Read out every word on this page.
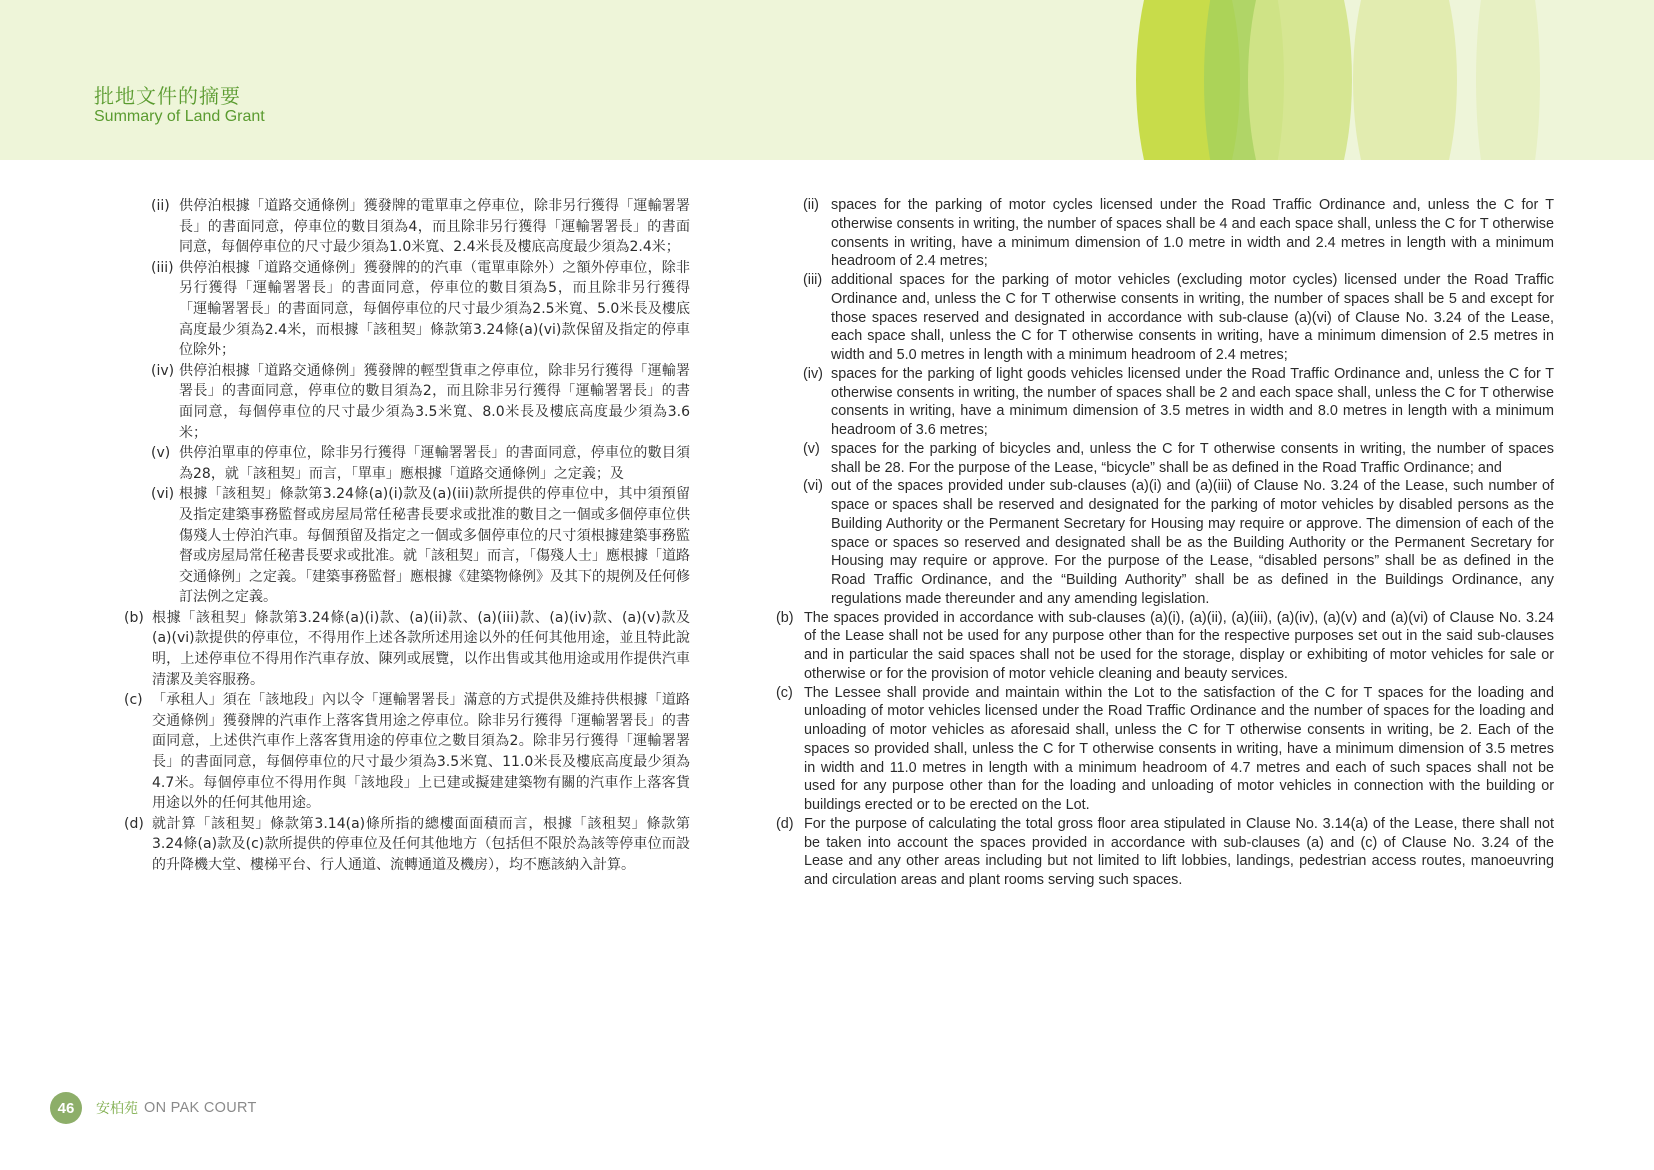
批地文件的摘要
Summary of Land Grant
(ii) 供停泊根據「道路交通條例」獲發牌的電單車之停車位，除非另行獲得「運輸署署長」的書面同意，停車位的數目須為4，而且除非另行獲得「運輸署署長」的書面同意，每個停車位的尺寸最少須為1.0米寬、2.4米長及樓底高度最少須為2.4米；
(iii) 供停泊根據「道路交通條例」獲發牌的的汽車（電單車除外）之額外停車位，除非另行獲得「運輸署署長」的書面同意，停車位的數目須為5，而且除非另行獲得「運輸署署長」的書面同意，每個停車位的尺寸最少須為2.5米寬、5.0米長及樓底高度最少須為2.4米，而根據「該租契」條款第3.24條(a)(vi)款保留及指定的停車位除外；
(iv) 供停泊根據「道路交通條例」獲發牌的輕型貨車之停車位，除非另行獲得「運輸署署長」的書面同意，停車位的數目須為2，而且除非另行獲得「運輸署署長」的書面同意，每個停車位的尺寸最少須為3.5米寬、8.0米長及樓底高度最少須為3.6米；
(v) 供停泊單車的停車位，除非另行獲得「運輸署署長」的書面同意，停車位的數目須為28，就「該租契」而言，「單車」應根據「道路交通條例」之定義；及
(vi) 根據「該租契」條款第3.24條(a)(i)款及(a)(iii)款所提供的停車位中，其中須預留及指定建築事務監督或房屋局常任秘書長要求或批准的數目之一個或多個停車位供傷殘人士停泊汽車。每個預留及指定之一個或多個停車位的尺寸須根據建築事務監督或房屋局常任秘書長要求或批准。就「該租契」而言，「傷殘人士」應根據「道路交通條例」之定義。「建築事務監督」應根據《建築物條例》及其下的規例及任何修訂法例之定義。
(b) 根據「該租契」條款第3.24條(a)(i)款、(a)(ii)款、(a)(iii)款、(a)(iv)款、(a)(v)款及(a)(vi)款提供的停車位，不得用作上述各款所述用途以外的任何其他用途，並且特此說明，上述停車位不得用作汽車存放、陳列或展覽，以作出售或其他用途或用作提供汽車清潔及美容服務。
(c) 「承租人」須在「該地段」內以令「運輸署署長」滿意的方式提供及維持供根據「道路交通條例」獲發牌的汽車作上落客貨用途之停車位。除非另行獲得「運輸署署長」的書面同意，上述供汽車作上落客貨用途的停車位之數目須為2。除非另行獲得「運輸署署長」的書面同意，每個停車位的尺寸最少須為3.5米寬、11.0米長及樓底高度最少須為4.7米。每個停車位不得用作與「該地段」上已建或擬建建築物有關的汽車作上落客貨用途以外的任何其他用途。
(d) 就計算「該租契」條款第3.14(a)條所指的總樓面面積而言，根據「該租契」條款第3.24條(a)款及(c)款所提供的停車位及任何其他地方（包括但不限於為該等停車位而設的升降機大堂、樓梯平台、行人通道、流轉通道及機房），均不應該納入計算。
(ii) spaces for the parking of motor cycles licensed under the Road Traffic Ordinance and, unless the C for T otherwise consents in writing, the number of spaces shall be 4 and each space shall, unless the C for T otherwise consents in writing, have a minimum dimension of 1.0 metre in width and 2.4 metres in length with a minimum headroom of 2.4 metres;
(iii) additional spaces for the parking of motor vehicles (excluding motor cycles) licensed under the Road Traffic Ordinance and, unless the C for T otherwise consents in writing, the number of spaces shall be 5 and except for those spaces reserved and designated in accordance with sub-clause (a)(vi) of Clause No. 3.24 of the Lease, each space shall, unless the C for T otherwise consents in writing, have a minimum dimension of 2.5 metres in width and 5.0 metres in length with a minimum headroom of 2.4 metres;
(iv) spaces for the parking of light goods vehicles licensed under the Road Traffic Ordinance and, unless the C for T otherwise consents in writing, the number of spaces shall be 2 and each space shall, unless the C for T otherwise consents in writing, have a minimum dimension of 3.5 metres in width and 8.0 metres in length with a minimum headroom of 3.6 metres;
(v) spaces for the parking of bicycles and, unless the C for T otherwise consents in writing, the number of spaces shall be 28. For the purpose of the Lease, “bicycle” shall be as defined in the Road Traffic Ordinance; and
(vi) out of the spaces provided under sub-clauses (a)(i) and (a)(iii) of Clause No. 3.24 of the Lease, such number of space or spaces shall be reserved and designated for the parking of motor vehicles by disabled persons as the Building Authority or the Permanent Secretary for Housing may require or approve. The dimension of each of the space or spaces so reserved and designated shall be as the Building Authority or the Permanent Secretary for Housing may require or approve. For the purpose of the Lease, “disabled persons” shall be as defined in the Road Traffic Ordinance, and the “Building Authority” shall be as defined in the Buildings Ordinance, any regulations made thereunder and any amending legislation.
(b) The spaces provided in accordance with sub-clauses (a)(i), (a)(ii), (a)(iii), (a)(iv), (a)(v) and (a)(vi) of Clause No. 3.24 of the Lease shall not be used for any purpose other than for the respective purposes set out in the said sub-clauses and in particular the said spaces shall not be used for the storage, display or exhibiting of motor vehicles for sale or otherwise or for the provision of motor vehicle cleaning and beauty services.
(c) The Lessee shall provide and maintain within the Lot to the satisfaction of the C for T spaces for the loading and unloading of motor vehicles licensed under the Road Traffic Ordinance and the number of spaces for the loading and unloading of motor vehicles as aforesaid shall, unless the C for T otherwise consents in writing, be 2. Each of the spaces so provided shall, unless the C for T otherwise consents in writing, have a minimum dimension of 3.5 metres in width and 11.0 metres in length with a minimum headroom of 4.7 metres and each of such spaces shall not be used for any purpose other than for the loading and unloading of motor vehicles in connection with the building or buildings erected or to be erected on the Lot.
(d) For the purpose of calculating the total gross floor area stipulated in Clause No. 3.14(a) of the Lease, there shall not be taken into account the spaces provided in accordance with sub-clauses (a) and (c) of Clause No. 3.24 of the Lease and any other areas including but not limited to lift lobbies, landings, pedestrian access routes, manoeuvring and circulation areas and plant rooms serving such spaces.
46	安柏苑 ON PAK COURT
